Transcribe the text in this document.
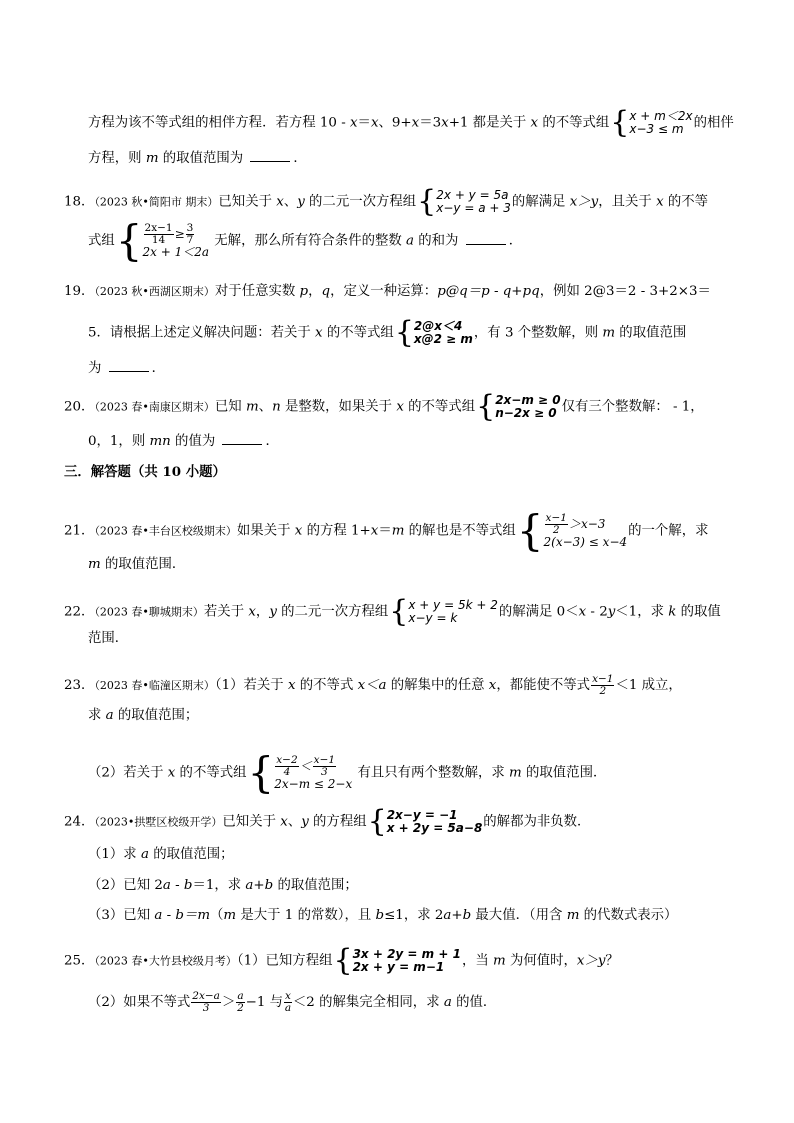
方程为该不等式组的相伴方程．若方程 10 - x＝x、9+x＝3x+1 都是关于 x 的不等式组 { x + m＜2x
x−3 ≤ m 的相伴
方程，则 m 的取值范围为	．
18．（2023 秋•简阳市 期末）已知关于 x、y 的二元一次方程组 { 2x + y = 5a
x−y = a + 3 的解满足 x＞y，且关于 x 的不等
式组 { $\frac{2x-1}{14} \ge \frac{3}{7}$
2x + 1＜2a
无解，那么所有符合条件的整数 a 的和为	．
19．（2023 秋•西湖区期末）对于任意实数 p，q，定义一种运算：p@q＝p - q+pq，例如 2@3＝2 - 3+2×3＝
5．请根据上述定义解决问题：若关于 x 的不等式组 { 2@x＜4
x@2 ≥ m ，有 3 个整数解，则 m 的取值范围
为	．
20．（2023 春•南康区期末）已知 m、n 是整数，如果关于 x 的不等式组 { 2x−m ≥ 0
n−2x ≥ 0 仅有三个整数解： - 1，
0，1，则 mn 的值为	．
三．解答题（共 10 小题）
21．（2023 春•丰台区校级期末）如果关于 x 的方程 1+x＝m 的解也是不等式组 { $\frac{x-1}{2} >x-3$
2(x−3) ≤ x−4
的一个解，求
m 的取值范围．
22．（2023 春•聊城期末）若关于 x，y 的二元一次方程组 { x + y = 5k + 2
x−y = k	的解满足 0＜x - 2y＜1，求 k 的取值
范围．
23．（2023 春•临潼区期末）（1）若关于 x 的不等式 x＜a 的解集中的任意 x，都能使不等式 $\frac{x-1}{2} <1$ 成立，
求 a 的取值范围；
（2）若关于 x 的不等式组 { $\frac{x-2}{4} < \frac{x-1}{3}$
2x−m ≤ 2−x
有且只有两个整数解，求 m 的取值范围．
24．（2023•拱墅区校级开学）已知关于 x、y 的方程组 { 2x−y = −1
x + 2y = 5a−8 的解都为非负数．
（1）求 a 的取值范围；
（2）已知 2a - b＝1，求 a+b 的取值范围；
（3）已知 a - b＝m（m 是大于 1 的常数），且 b≤1，求 2a+b 最大值．（用含 m 的代数式表示）
25．（2023 春•大竹县校级月考）（1）已知方程组 { 3x + 2y = m + 1
2x + y = m−1	，当 m 为何值时，x＞y？
（2）如果不等式 $\frac{2x-a}{3} > \frac{a}{2} -1$ 与 $\frac{x}{a} <2$ 的解集完全相同，求 a 的值．
